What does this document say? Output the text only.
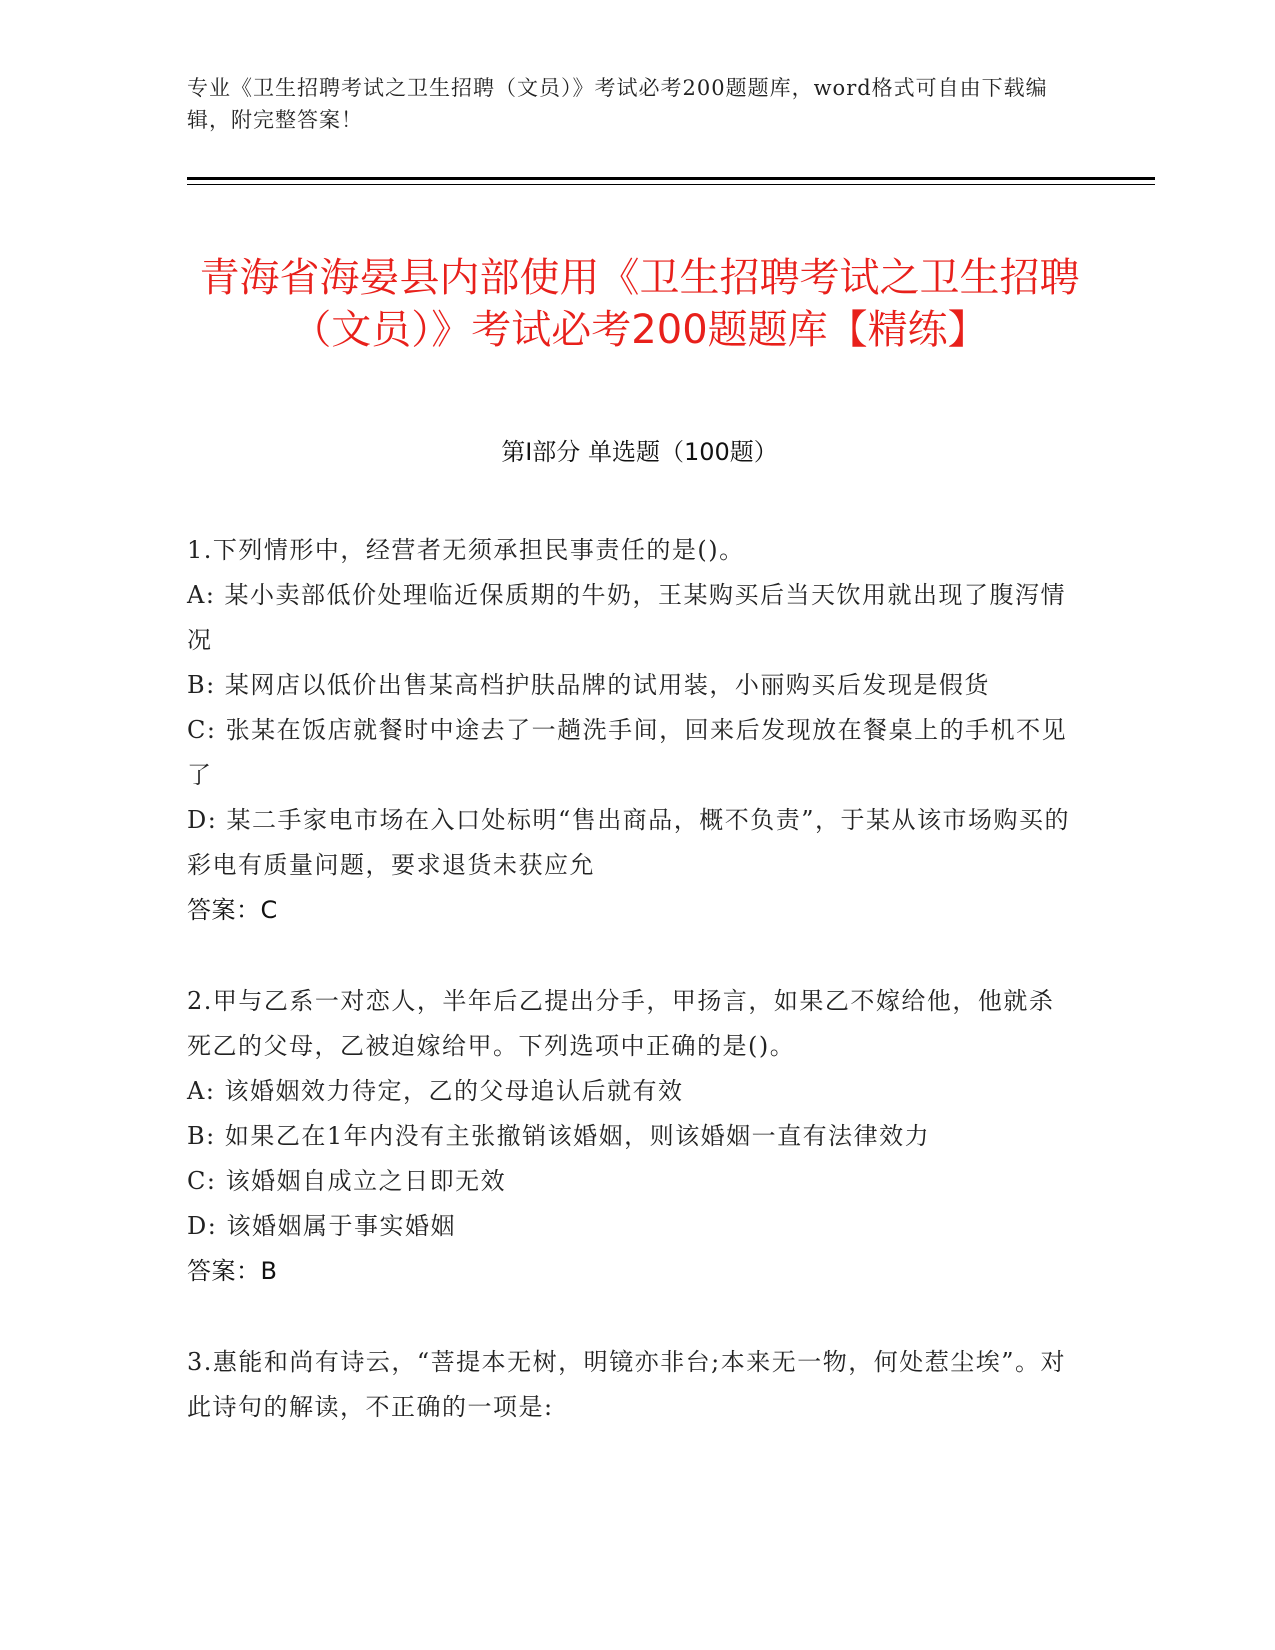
专业《卫生招聘考试之卫生招聘（文员）》考试必考200题题库，word格式可自由下载编辑，附完整答案！
青海省海晏县内部使用《卫生招聘考试之卫生招聘（文员）》考试必考200题题库【精练】
第I部分 单选题（100题）

1.下列情形中，经营者无须承担民事责任的是()。

A: 某小卖部低价处理临近保质期的牛奶，王某购买后当天饮用就出现了腹泻情况

B: 某网店以低价出售某高档护肤品牌的试用装，小丽购买后发现是假货

C: 张某在饭店就餐时中途去了一趟洗手间，回来后发现放在餐桌上的手机不见了

D: 某二手家电市场在入口处标明“售出商品，概不负责”，于某从该市场购买的彩电有质量问题，要求退货未获应允

答案：C

2.甲与乙系一对恋人，半年后乙提出分手，甲扬言，如果乙不嫁给他，他就杀死乙的父母，乙被迫嫁给甲。下列选项中正确的是()。

A: 该婚姻效力待定，乙的父母追认后就有效

B: 如果乙在1年内没有主张撤销该婚姻，则该婚姻一直有法律效力

C: 该婚姻自成立之日即无效

D: 该婚姻属于事实婚姻

答案：B

3.惠能和尚有诗云，“菩提本无树，明镜亦非台;本来无一物，何处惹尘埃”。对此诗句的解读，不正确的一项是:
